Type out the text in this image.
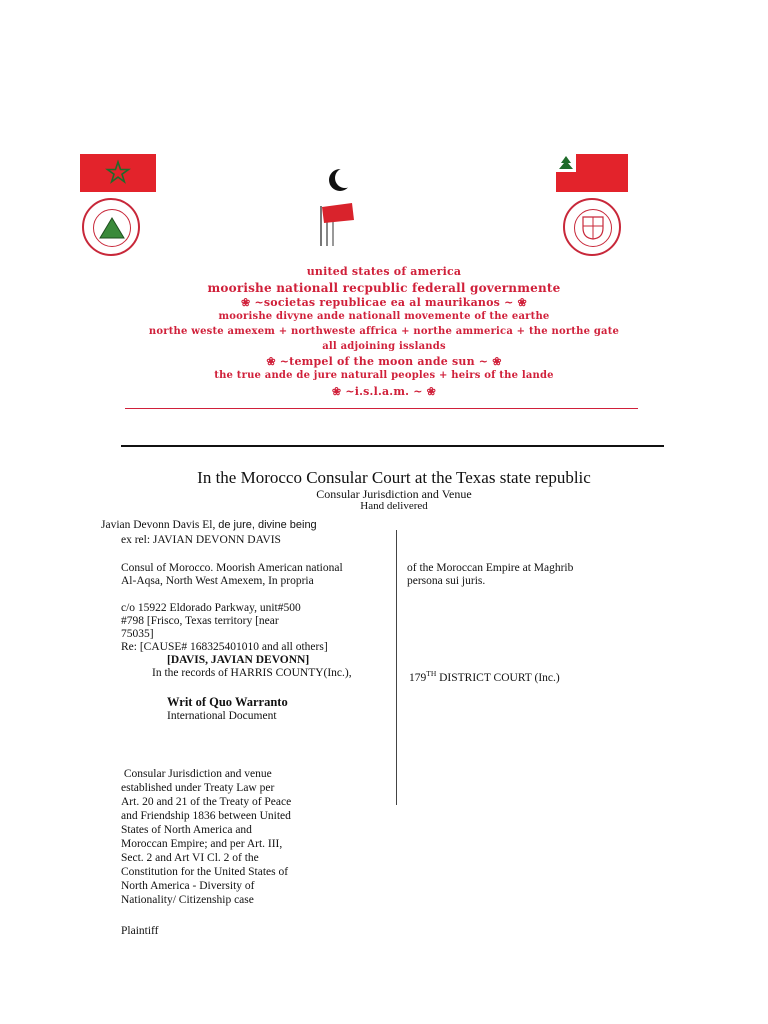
united states of america
moorishe nationall recpublic federall governmente
❀ ~societas republicae ea al maurikanos ~ ❀
moorishe divyne ande nationall movemente of the earthe
northe weste amexem + northweste affrica + northe ammerica + the northe gate
all adjoining isslands
❀ ~tempel of the moon ande sun ~ ❀
the true ande de jure naturall peoples + heirs of the lande
❀ ~i.s.l.a.m. ~ ❀
In the Morocco Consular Court at the Texas state republic
Consular Jurisdiction and Venue
Hand delivered
Javian Devonn Davis El, de jure, divine being
ex rel: JAVIAN DEVONN DAVIS
Consul of Morocco. Moorish American national
Al-Aqsa, North West Amexem, In propria
c/o 15922 Eldorado Parkway, unit#500
#798 [Frisco, Texas territory [near
75035]
Re: [CAUSE# 168325401010 and all others]
[DAVIS, JAVIAN DEVONN]
In the records of HARRIS COUNTY(Inc.),
Writ of Quo Warranto
International Document
Consular Jurisdiction and venue
established under Treaty Law per
Art. 20 and 21 of the Treaty of Peace
and Friendship 1836 between United
States of North America and
Moroccan Empire; and per Art. III,
Sect. 2 and Art VI Cl. 2 of the
Constitution for the United States of
North America - Diversity of
Nationality/ Citizenship case
Plaintiff
of the Moroccan Empire at Maghrib
persona sui juris.
179TH DISTRICT COURT (Inc.)
